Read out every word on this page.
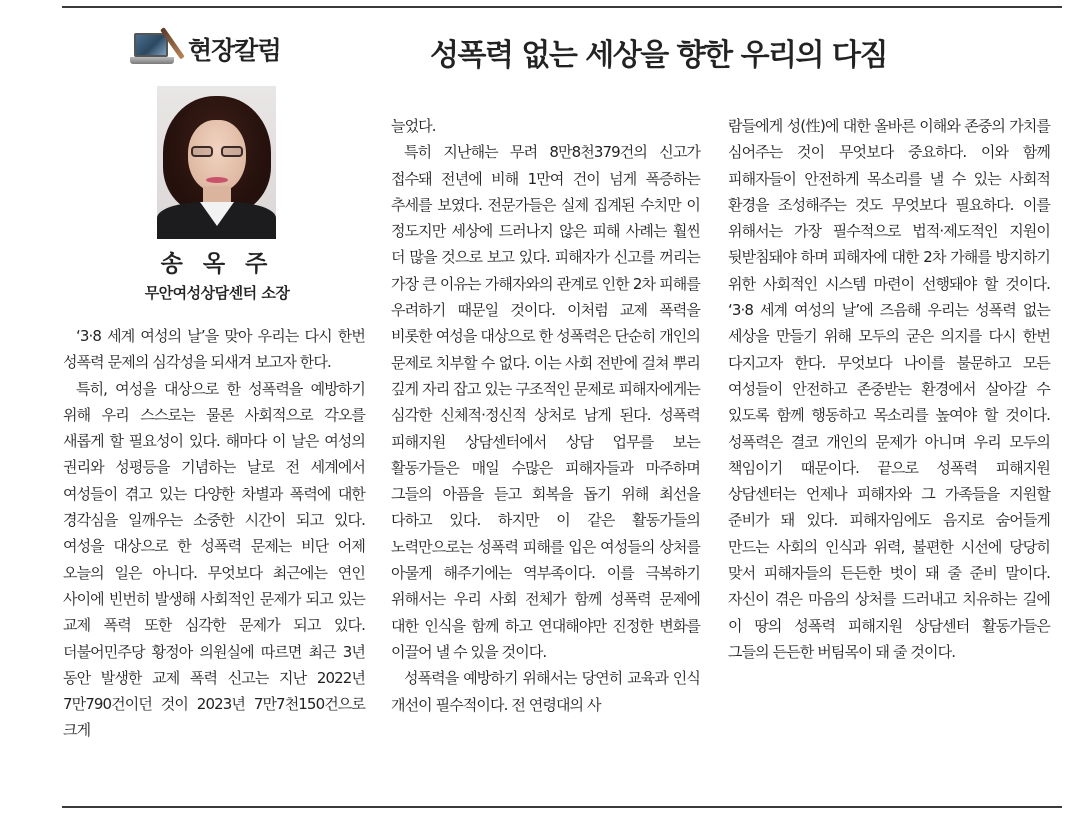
현장칼럼	성폭력 없는 세상을 향한 우리의 다짐
송 옥 주
무안여성상담센터 소장

‘3·8 세계 여성의 날’을 맞아 우리는 다시 한번 성폭력 문제의 심각성을 되새겨 보고자 한다.

특히, 여성을 대상으로 한 성폭력을 예방하기 위해 우리 스스로는 물론 사회적으로 각오를 새롭게 할 필요성이 있다. 해마다 이 날은 여성의 권리와 성평등을 기념하는 날로 전 세계에서 여성들이 겪고 있는 다양한 차별과 폭력에 대한 경각심을 일깨우는 소중한 시간이 되고 있다. 여성을 대상으로 한 성폭력 문제는 비단 어제 오늘의 일은 아니다. 무엇보다 최근에는 연인 사이에 빈번히 발생해 사회적인 문제가 되고 있는 교제 폭력 또한 심각한 문제가 되고 있다. 더불어민주당 황정아 의원실에 따르면 최근 3년 동안 발생한 교제 폭력 신고는 지난 2022년 7만790건이던 것이 2023년 7만7천150건으로 크게

늘었다.

특히 지난해는 무려 8만8천379건의 신고가 접수돼 전년에 비해 1만여 건이 넘게 폭증하는 추세를 보였다. 전문가들은 실제 집계된 수치만 이 정도지만 세상에 드러나지 않은 피해 사례는 훨씬 더 많을 것으로 보고 있다. 피해자가 신고를 꺼리는 가장 큰 이유는 가해자와의 관계로 인한 2차 피해를 우려하기 때문일 것이다. 이처럼 교제 폭력을 비롯한 여성을 대상으로 한 성폭력은 단순히 개인의 문제로 치부할 수 없다. 이는 사회 전반에 걸쳐 뿌리 깊게 자리 잡고 있는 구조적인 문제로 피해자에게는 심각한 신체적·정신적 상처로 남게 된다. 성폭력 피해지원 상담센터에서 상담 업무를 보는 활동가들은 매일 수많은 피해자들과 마주하며 그들의 아픔을 듣고 회복을 돕기 위해 최선을 다하고 있다. 하지만 이 같은 활동가들의 노력만으로는 성폭력 피해를 입은 여성들의 상처를 아물게 해주기에는 역부족이다. 이를 극복하기 위해서는 우리 사회 전체가 함께 성폭력 문제에 대한 인식을 함께 하고 연대해야만 진정한 변화를 이끌어 낼 수 있을 것이다.

성폭력을 예방하기 위해서는 당연히 교육과 인식 개선이 필수적이다. 전 연령대의 사

람들에게 성(性)에 대한 올바른 이해와 존중의 가치를 심어주는 것이 무엇보다 중요하다. 이와 함께 피해자들이 안전하게 목소리를 낼 수 있는 사회적 환경을 조성해주는 것도 무엇보다 필요하다. 이를 위해서는 가장 필수적으로 법적·제도적인 지원이 뒷받침돼야 하며 피해자에 대한 2차 가해를 방지하기 위한 사회적인 시스템 마련이 선행돼야 할 것이다. ‘3·8 세계 여성의 날’에 즈음해 우리는 성폭력 없는 세상을 만들기 위해 모두의 굳은 의지를 다시 한번 다지고자 한다. 무엇보다 나이를 불문하고 모든 여성들이 안전하고 존중받는 환경에서 살아갈 수 있도록 함께 행동하고 목소리를 높여야 할 것이다. 성폭력은 결코 개인의 문제가 아니며 우리 모두의 책임이기 때문이다. 끝으로 성폭력 피해지원 상담센터는 언제나 피해자와 그 가족들을 지원할 준비가 돼 있다. 피해자임에도 음지로 숨어들게 만드는 사회의 인식과 위력, 불편한 시선에 당당히 맞서 피해자들의 든든한 벗이 돼 줄 준비 말이다. 자신이 겪은 마음의 상처를 드러내고 치유하는 길에 이 땅의 성폭력 피해지원 상담센터 활동가들은 그들의 든든한 버팀목이 돼 줄 것이다.
